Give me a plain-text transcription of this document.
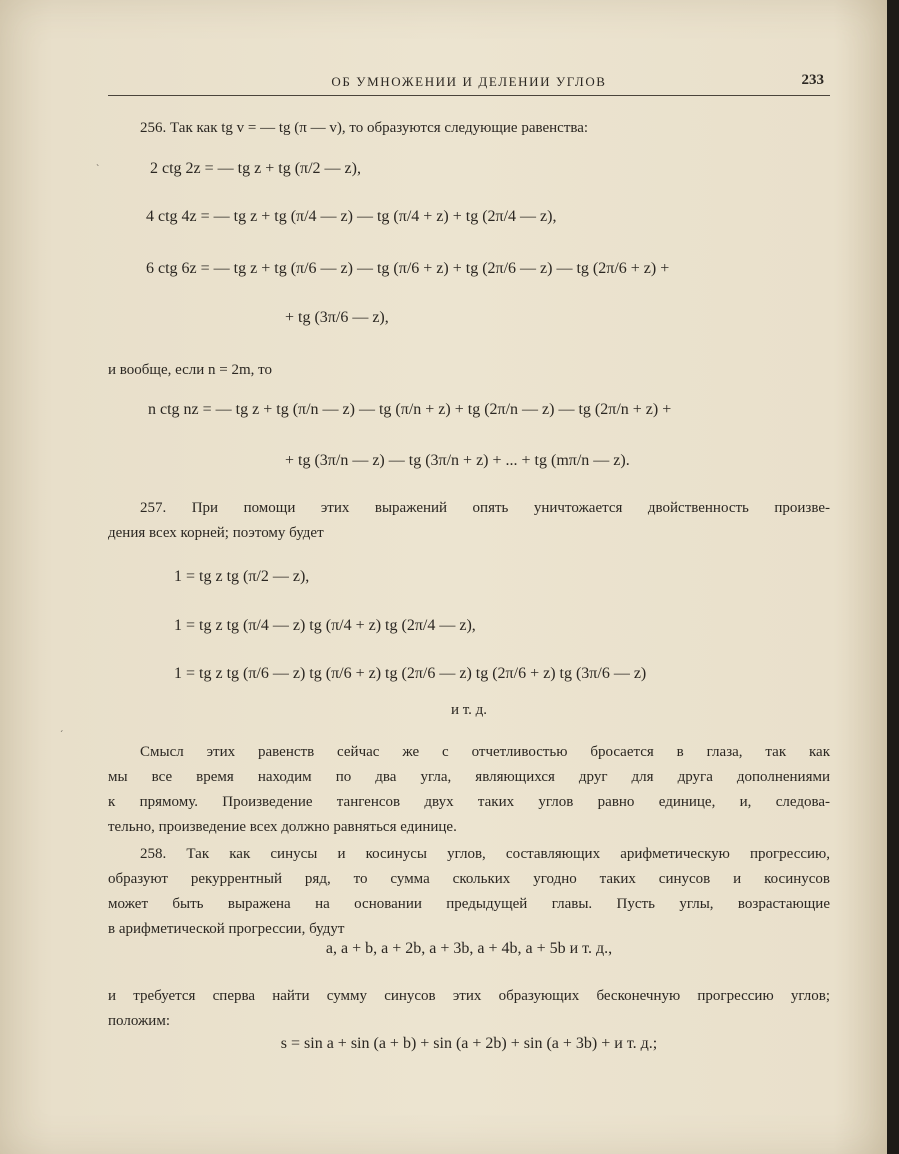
ОБ УМНОЖЕНИИ И ДЕЛЕНИИ УГЛОВ	233
256. Так как tg v = — tg (π — v), то образуются следующие равенства:
2 ctg 2z = — tg z + tg (π/2 — z),
4 ctg 4z = — tg z + tg (π/4 — z) — tg (π/4 + z) + tg (2π/4 — z),
6 ctg 6z = — tg z + tg (π/6 — z) — tg (π/6 + z) + tg (2π/6 — z) — tg (2π/6 + z) +
+ tg (3π/6 — z),
и вообще, если n = 2m, то
n ctg nz = — tg z + tg (π/n — z) — tg (π/n + z) + tg (2π/n — z) — tg (2π/n + z) +
+ tg (3π/n — z) — tg (3π/n + z) + ... + tg (mπ/n — z).
257. При помощи этих выражений опять уничтожается двойственность произве-
дения всех корней; поэтому будет
1 = tg z tg (π/2 — z),
1 = tg z tg (π/4 — z) tg (π/4 + z) tg (2π/4 — z),
1 = tg z tg (π/6 — z) tg (π/6 + z) tg (2π/6 — z) tg (2π/6 + z) tg (3π/6 — z)
и т. д.
Смысл этих равенств сейчас же с отчетливостью бросается в глаза, так как
мы все время находим по два угла, являющихся друг для друга дополнениями
к прямому. Произведение тангенсов двух таких углов равно единице, и, следова-
тельно, произведение всех должно равняться единице.
258. Так как синусы и косинусы углов, составляющих арифметическую прогрессию,
образуют рекуррентный ряд, то сумма скольких угодно таких синусов и косинусов
может быть выражена на основании предыдущей главы. Пусть углы, возрастающие
в арифметической прогрессии, будут
a, a + b, a + 2b, a + 3b, a + 4b, a + 5b и т. д.,
и требуется сперва найти сумму синусов этих образующих бесконечную прогрессию углов;
положим:
s = sin a + sin (a + b) + sin (a + 2b) + sin (a + 3b) + и т. д.;
ˋ
ˊ
